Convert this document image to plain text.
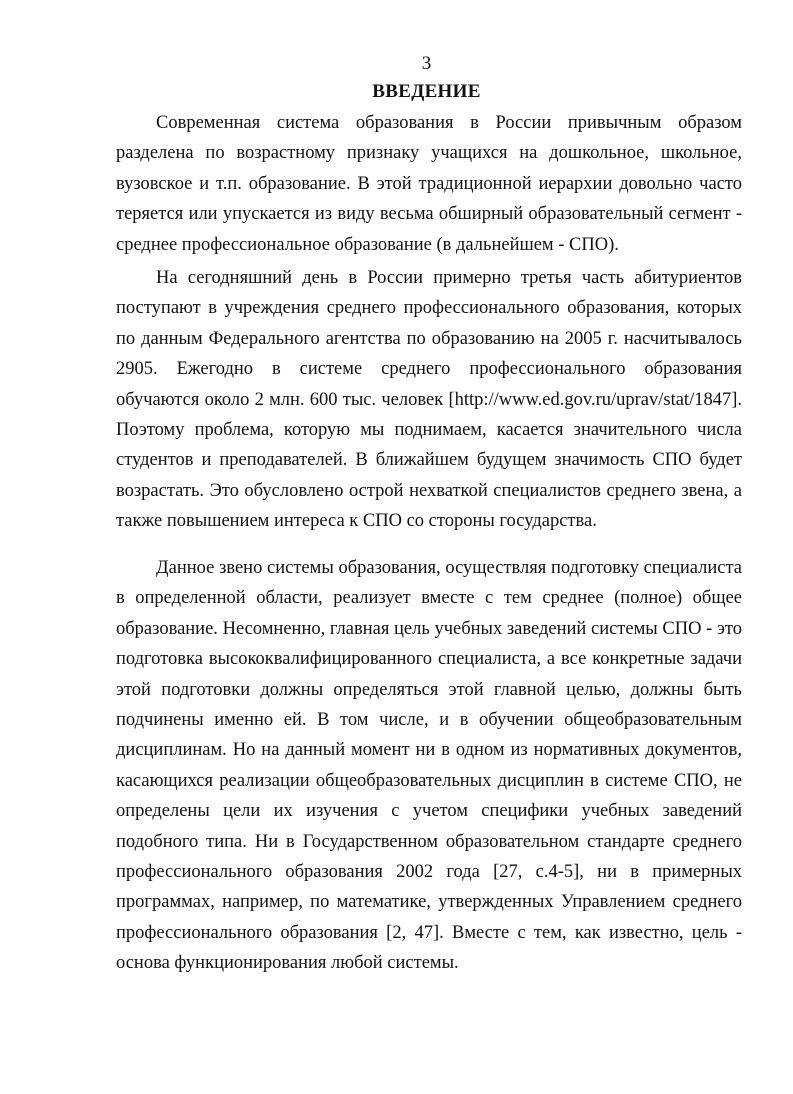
3
ВВЕДЕНИЕ

Современная система образования в России привычным образом разделена по возрастному признаку учащихся на дошкольное, школьное, вузовское и т.п. образование. В этой традиционной иерархии довольно часто теряется или упускается из виду весьма обширный образовательный сегмент - среднее профессиональное образование (в дальнейшем - СПО).

На сегодняшний день в России примерно третья часть абитуриентов поступают в учреждения среднего профессионального образования, которых по данным Федерального агентства по образованию на 2005 г. насчитывалось 2905. Ежегодно в системе среднего профессионального образования обучаются около 2 млн. 600 тыс. человек [http://www.ed.gov.ru/uprav/stat/1847]. Поэтому проблема, которую мы поднимаем, касается значительного числа студентов и преподавателей. В ближайшем будущем значимость СПО будет возрастать. Это обусловлено острой нехваткой специалистов среднего звена, а также повышением интереса к СПО со стороны государства.

Данное звено системы образования, осуществляя подготовку специалиста в определенной области, реализует вместе с тем среднее (полное) общее образование. Несомненно, главная цель учебных заведений системы СПО - это подготовка высококвалифицированного специалиста, а все конкретные задачи этой подготовки должны определяться этой главной целью, должны быть подчинены именно ей. В том числе, и в обучении общеобразовательным дисциплинам. Но на данный момент ни в одном из нормативных документов, касающихся реализации общеобразовательных дисциплин в системе СПО, не определены цели их изучения с учетом специфики учебных заведений подобного типа. Ни в Государственном образовательном стандарте среднего профессионального образования 2002 года [27, с.4-5], ни в примерных программах, например, по математике, утвержденных Управлением среднего профессионального образования [2, 47]. Вместе с тем, как известно, цель - основа функционирования любой системы.
